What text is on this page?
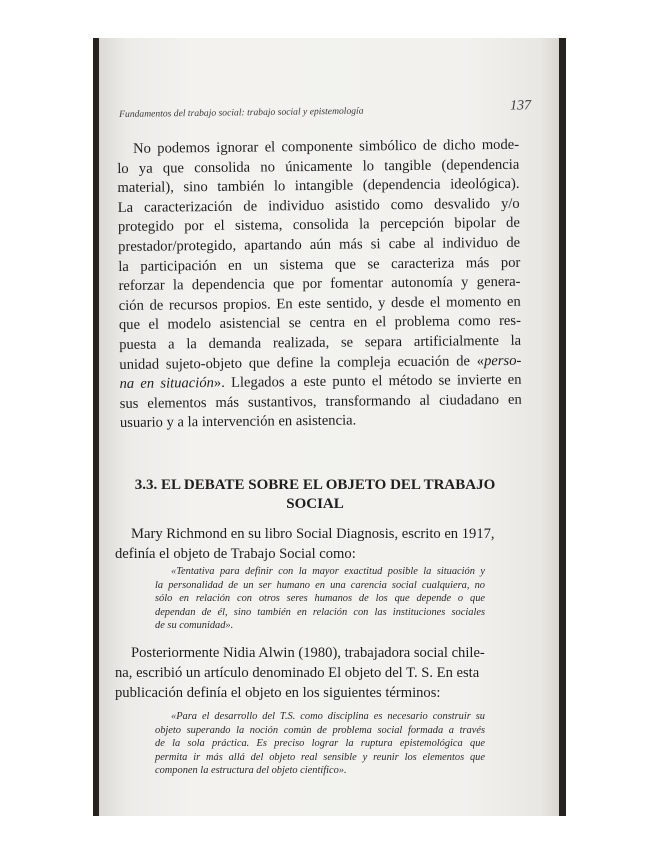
Fundamentos del trabajo social: trabajo social y epistemología	137
No podemos ignorar el componente simbólico de dicho mode-
lo ya que consolida no únicamente lo tangible (dependencia
material), sino también lo intangible (dependencia ideológica).
La caracterización de individuo asistido como desvalido y/o
protegido por el sistema, consolida la percepción bipolar de
prestador/protegido, apartando aún más si cabe al individuo de
la participación en un sistema que se caracteriza más por
reforzar la dependencia que por fomentar autonomía y genera-
ción de recursos propios. En este sentido, y desde el momento en
que el modelo asistencial se centra en el problema como res-
puesta a la demanda realizada, se separa artificialmente la
unidad sujeto-objeto que define la compleja ecuación de «perso-
na en situación». Llegados a este punto el método se invierte en
sus elementos más sustantivos, transformando al ciudadano en
usuario y a la intervención en asistencia.
3.3. EL DEBATE SOBRE EL OBJETO DEL TRABAJO
SOCIAL
Mary Richmond en su libro Social Diagnosis, escrito en 1917,
definía el objeto de Trabajo Social como:
«Tentativa para definir con la mayor exactitud posible la situación y
la personalidad de un ser humano en una carencia social cualquiera, no
sólo en relación con otros seres humanos de los que depende o que
dependan de él, sino también en relación con las instituciones sociales
de su comunidad».
Posteriormente Nidia Alwin (1980), trabajadora social chile-
na, escribió un artículo denominado El objeto del T. S. En esta
publicación definía el objeto en los siguientes términos:
«Para el desarrollo del T.S. como disciplina es necesario construir su
objeto superando la noción común de problema social formada a través
de la sola práctica. Es preciso lograr la ruptura epistemológica que
permita ir más allá del objeto real sensible y reunir los elementos que
componen la estructura del objeto científico».
